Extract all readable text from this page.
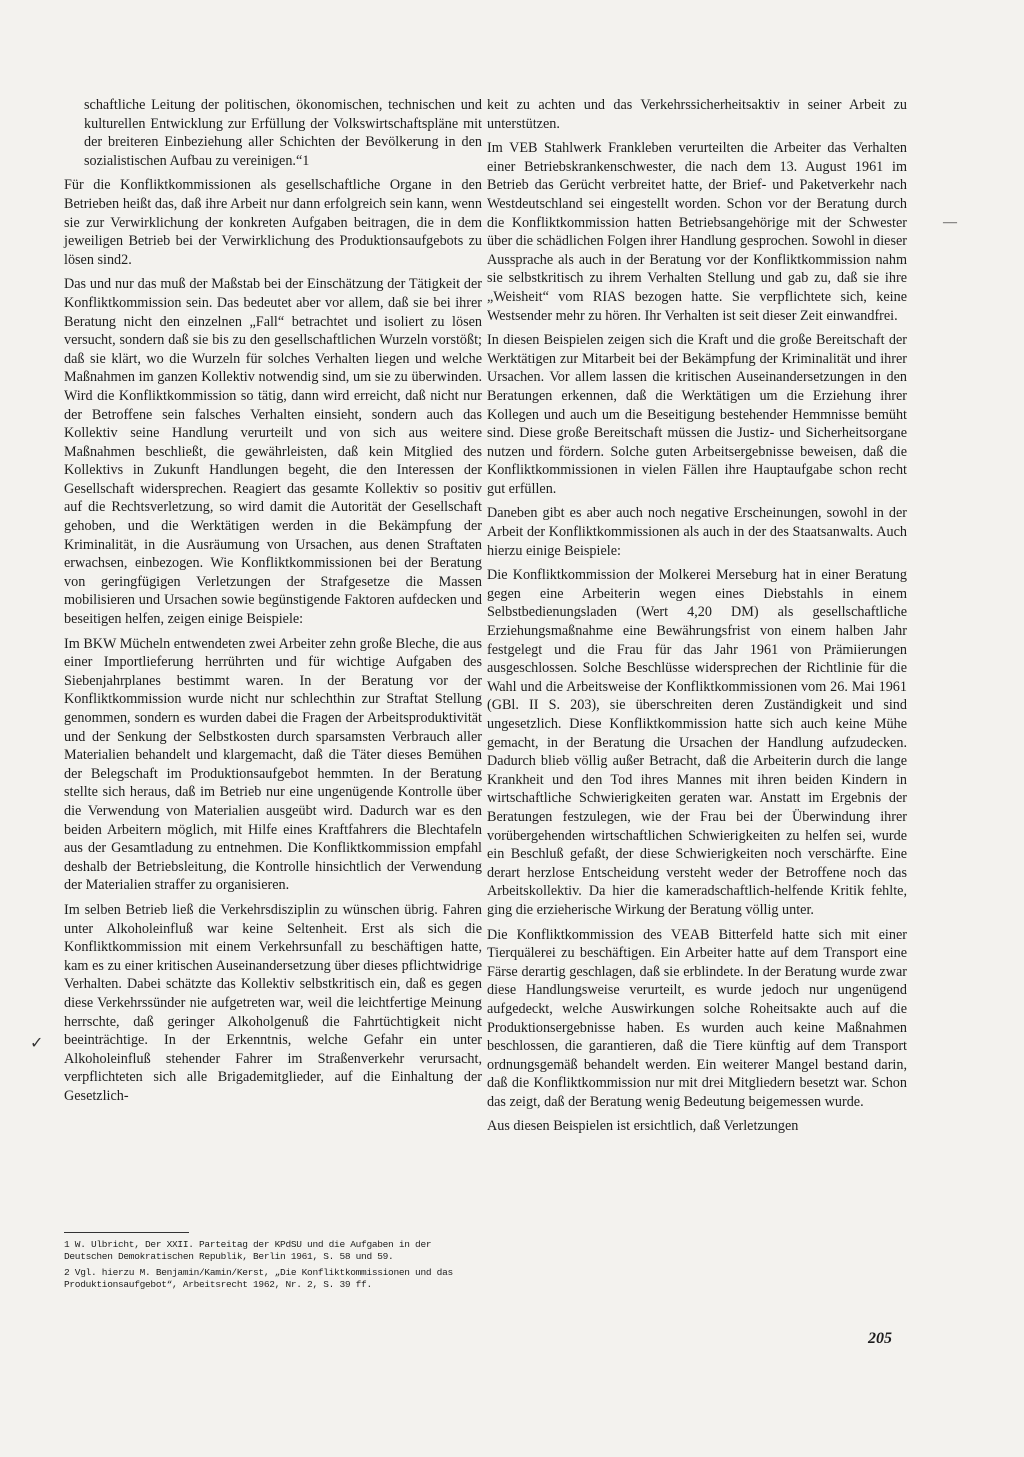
schaftliche Leitung der politischen, ökonomischen, technischen und kulturellen Entwicklung zur Erfüllung der Volkswirtschaftspläne mit der breiteren Einbeziehung aller Schichten der Bevölkerung in den sozialistischen Aufbau zu vereinigen.“1

Für die Konfliktkommissionen als gesellschaftliche Organe in den Betrieben heißt das, daß ihre Arbeit nur dann erfolgreich sein kann, wenn sie zur Verwirklichung der konkreten Aufgaben beitragen, die in dem jeweiligen Betrieb bei der Verwirklichung des Produktionsaufgebots zu lösen sind2.

Das und nur das muß der Maßstab bei der Einschätzung der Tätigkeit der Konfliktkommission sein. Das bedeutet aber vor allem, daß sie bei ihrer Beratung nicht den einzelnen „Fall“ betrachtet und isoliert zu lösen versucht, sondern daß sie bis zu den gesellschaftlichen Wurzeln vorstößt; daß sie klärt, wo die Wurzeln für solches Verhalten liegen und welche Maßnahmen im ganzen Kollektiv notwendig sind, um sie zu überwinden. Wird die Konfliktkommission so tätig, dann wird erreicht, daß nicht nur der Betroffene sein falsches Verhalten einsieht, sondern auch das Kollektiv seine Handlung verurteilt und von sich aus weitere Maßnahmen beschließt, die gewährleisten, daß kein Mitglied des Kollektivs in Zukunft Handlungen begeht, die den Interessen der Gesellschaft widersprechen. Reagiert das gesamte Kollektiv so positiv auf die Rechtsverletzung, so wird damit die Autorität der Gesellschaft gehoben, und die Werktätigen werden in die Bekämpfung der Kriminalität, in die Ausräumung von Ursachen, aus denen Straftaten erwachsen, einbezogen. Wie Konfliktkommissionen bei der Beratung von geringfügigen Verletzungen der Strafgesetze die Massen mobilisieren und Ursachen sowie begünstigende Faktoren aufdecken und beseitigen helfen, zeigen einige Beispiele:

Im BKW Mücheln entwendeten zwei Arbeiter zehn große Bleche, die aus einer Importlieferung herrührten und für wichtige Aufgaben des Siebenjahrplanes bestimmt waren. In der Beratung vor der Konfliktkommission wurde nicht nur schlechthin zur Straftat Stellung genommen, sondern es wurden dabei die Fragen der Arbeitsproduktivität und der Senkung der Selbstkosten durch sparsamsten Verbrauch aller Materialien behandelt und klargemacht, daß die Täter dieses Bemühen der Belegschaft im Produktionsaufgebot hemmten. In der Beratung stellte sich heraus, daß im Betrieb nur eine ungenügende Kontrolle über die Verwendung von Materialien ausgeübt wird. Dadurch war es den beiden Arbeitern möglich, mit Hilfe eines Kraftfahrers die Blechtafeln aus der Gesamtladung zu entnehmen. Die Konfliktkommission empfahl deshalb der Betriebsleitung, die Kontrolle hinsichtlich der Verwendung der Materialien straffer zu organisieren.

Im selben Betrieb ließ die Verkehrsdisziplin zu wünschen übrig. Fahren unter Alkoholeinfluß war keine Seltenheit. Erst als sich die Konfliktkommission mit einem Verkehrsunfall zu beschäftigen hatte, kam es zu einer kritischen Auseinandersetzung über dieses pflichtwidrige Verhalten. Dabei schätzte das Kollektiv selbstkritisch ein, daß es gegen diese Verkehrssünder nie aufgetreten war, weil die leichtfertige Meinung herrschte, daß geringer Alkoholgenuß die Fahrtüchtigkeit nicht beeinträchtige. In der Erkenntnis, welche Gefahr ein unter Alkoholeinfluß stehender Fahrer im Straßenverkehr verursacht, verpflichteten sich alle Brigademitglieder, auf die Einhaltung der Gesetzlich-

keit zu achten und das Verkehrssicherheitsaktiv in seiner Arbeit zu unterstützen.

Im VEB Stahlwerk Frankleben verurteilten die Arbeiter das Verhalten einer Betriebskrankenschwester, die nach dem 13. August 1961 im Betrieb das Gerücht verbreitet hatte, der Brief- und Paketverkehr nach Westdeutschland sei eingestellt worden. Schon vor der Beratung durch die Konfliktkommission hatten Betriebsangehörige mit der Schwester über die schädlichen Folgen ihrer Handlung gesprochen. Sowohl in dieser Aussprache als auch in der Beratung vor der Konfliktkommission nahm sie selbstkritisch zu ihrem Verhalten Stellung und gab zu, daß sie ihre „Weisheit“ vom RIAS bezogen hatte. Sie verpflichtete sich, keine Westsender mehr zu hören. Ihr Verhalten ist seit dieser Zeit einwandfrei.

In diesen Beispielen zeigen sich die Kraft und die große Bereitschaft der Werktätigen zur Mitarbeit bei der Bekämpfung der Kriminalität und ihrer Ursachen. Vor allem lassen die kritischen Auseinandersetzungen in den Beratungen erkennen, daß die Werktätigen um die Erziehung ihrer Kollegen und auch um die Beseitigung bestehender Hemmnisse bemüht sind. Diese große Bereitschaft müssen die Justiz- und Sicherheitsorgane nutzen und fördern. Solche guten Arbeitsergebnisse beweisen, daß die Konfliktkommissionen in vielen Fällen ihre Hauptaufgabe schon recht gut erfüllen.

Daneben gibt es aber auch noch negative Erscheinungen, sowohl in der Arbeit der Konfliktkommissionen als auch in der des Staatsanwalts. Auch hierzu einige Beispiele:

Die Konfliktkommission der Molkerei Merseburg hat in einer Beratung gegen eine Arbeiterin wegen eines Diebstahls in einem Selbstbedienungsladen (Wert 4,20 DM) als gesellschaftliche Erziehungsmaßnahme eine Bewährungsfrist von einem halben Jahr festgelegt und die Frau für das Jahr 1961 von Prämiierungen ausgeschlossen. Solche Beschlüsse widersprechen der Richtlinie für die Wahl und die Arbeitsweise der Konfliktkommissionen vom 26. Mai 1961 (GBl. II S. 203), sie überschreiten deren Zuständigkeit und sind ungesetzlich. Diese Konfliktkommission hatte sich auch keine Mühe gemacht, in der Beratung die Ursachen der Handlung aufzudecken. Dadurch blieb völlig außer Betracht, daß die Arbeiterin durch die lange Krankheit und den Tod ihres Mannes mit ihren beiden Kindern in wirtschaftliche Schwierigkeiten geraten war. Anstatt im Ergebnis der Beratungen festzulegen, wie der Frau bei der Überwindung ihrer vorübergehenden wirtschaftlichen Schwierigkeiten zu helfen sei, wurde ein Beschluß gefaßt, der diese Schwierigkeiten noch verschärfte. Eine derart herzlose Entscheidung versteht weder der Betroffene noch das Arbeitskollektiv. Da hier die kameradschaftlich-helfende Kritik fehlte, ging die erzieherische Wirkung der Beratung völlig unter.

Die Konfliktkommission des VEAB Bitterfeld hatte sich mit einer Tierquälerei zu beschäftigen. Ein Arbeiter hatte auf dem Transport eine Färse derartig geschlagen, daß sie erblindete. In der Beratung wurde zwar diese Handlungsweise verurteilt, es wurde jedoch nur ungenügend aufgedeckt, welche Auswirkungen solche Roheitsakte auch auf die Produktionsergebnisse haben. Es wurden auch keine Maßnahmen beschlossen, die garantieren, daß die Tiere künftig auf dem Transport ordnungsgemäß behandelt werden. Ein weiterer Mangel bestand darin, daß die Konfliktkommission nur mit drei Mitgliedern besetzt war. Schon das zeigt, daß der Beratung wenig Bedeutung beigemessen wurde.

Aus diesen Beispielen ist ersichtlich, daß Verletzungen

1 W. Ulbricht, Der XXII. Parteitag der KPdSU und die Aufgaben in der Deutschen Demokratischen Republik, Berlin 1961, S. 58 und 59.

2 Vgl. hierzu M. Benjamin/Kamin/Kerst, „Die Konfliktkommissionen und das Produktionsaufgebot“, Arbeitsrecht 1962, Nr. 2, S. 39 ff.

205
—
✓
